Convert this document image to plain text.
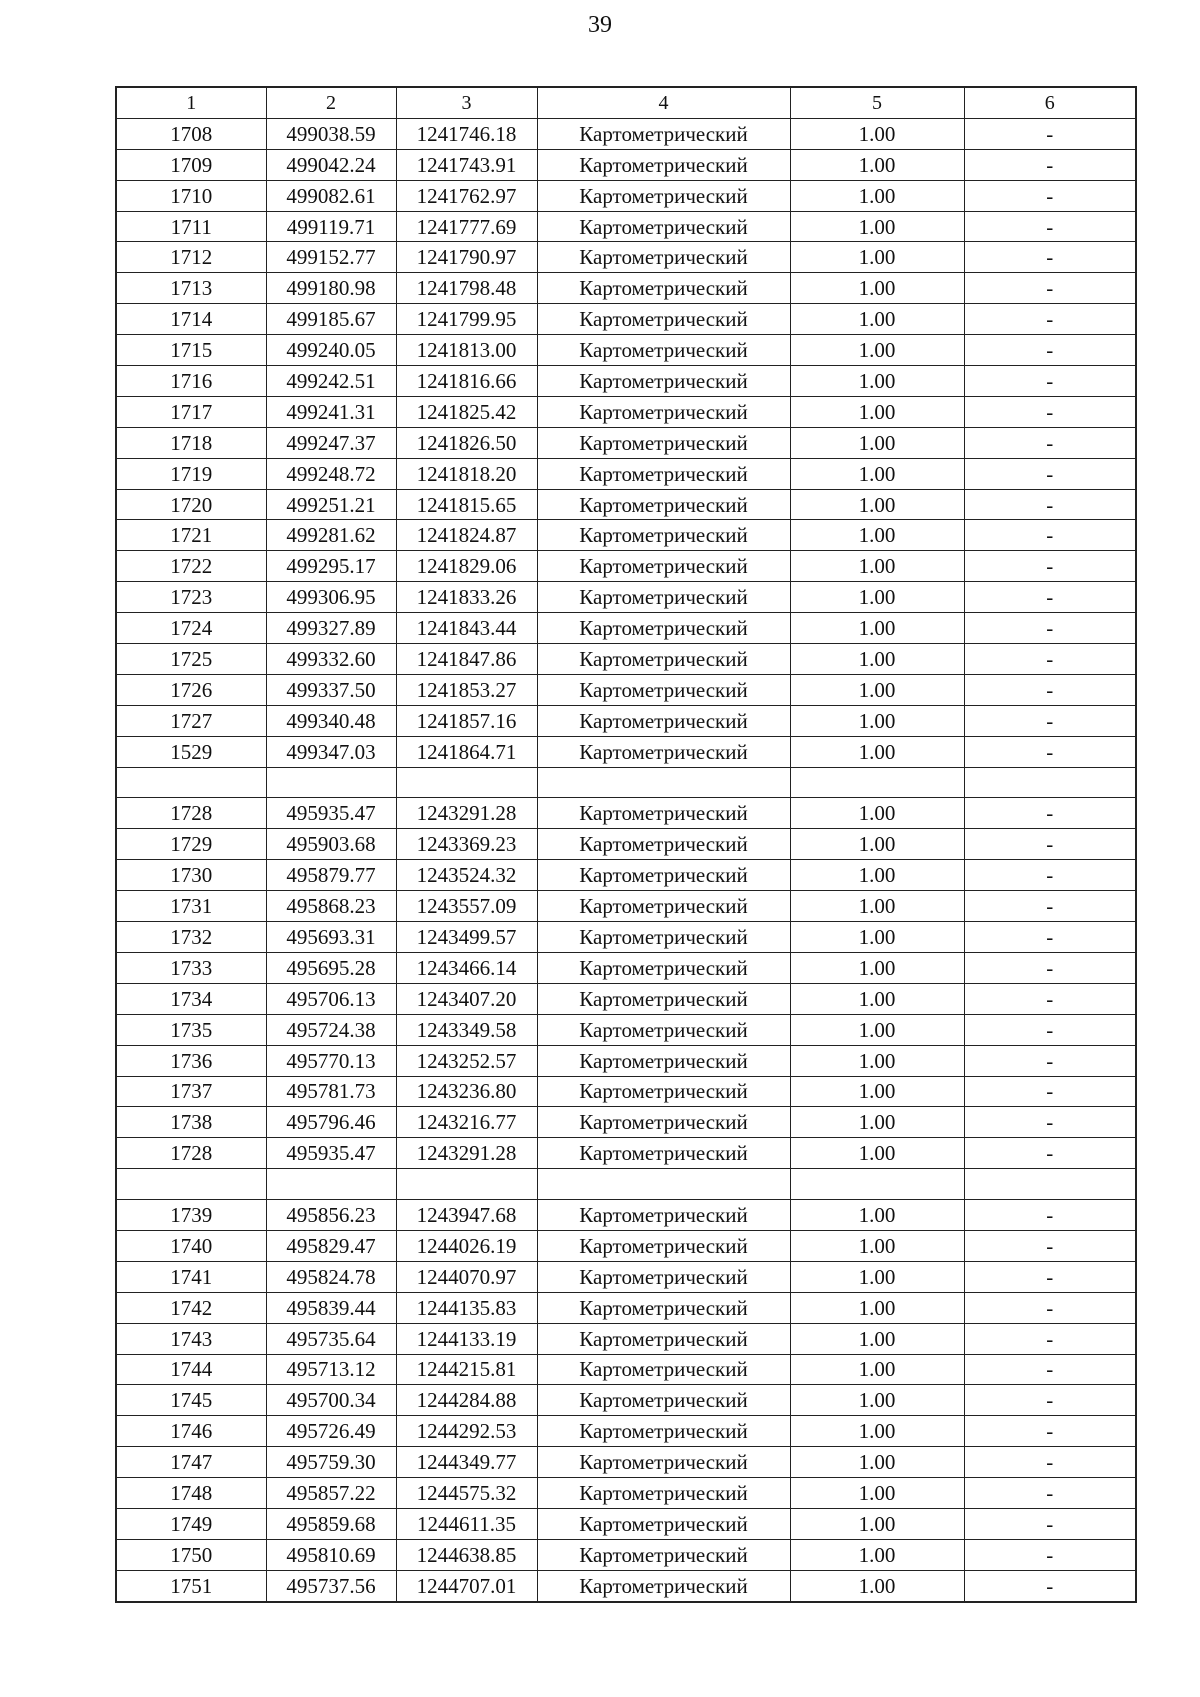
39
1	2	3	4	5	6
1708	499038.59	1241746.18	Картометрический	1.00	-
1709	499042.24	1241743.91	Картометрический	1.00	-
1710	499082.61	1241762.97	Картометрический	1.00	-
1711	499119.71	1241777.69	Картометрический	1.00	-
1712	499152.77	1241790.97	Картометрический	1.00	-
1713	499180.98	1241798.48	Картометрический	1.00	-
1714	499185.67	1241799.95	Картометрический	1.00	-
1715	499240.05	1241813.00	Картометрический	1.00	-
1716	499242.51	1241816.66	Картометрический	1.00	-
1717	499241.31	1241825.42	Картометрический	1.00	-
1718	499247.37	1241826.50	Картометрический	1.00	-
1719	499248.72	1241818.20	Картометрический	1.00	-
1720	499251.21	1241815.65	Картометрический	1.00	-
1721	499281.62	1241824.87	Картометрический	1.00	-
1722	499295.17	1241829.06	Картометрический	1.00	-
1723	499306.95	1241833.26	Картометрический	1.00	-
1724	499327.89	1241843.44	Картометрический	1.00	-
1725	499332.60	1241847.86	Картометрический	1.00	-
1726	499337.50	1241853.27	Картометрический	1.00	-
1727	499340.48	1241857.16	Картометрический	1.00	-
1529	499347.03	1241864.71	Картометрический	1.00	-

1728	495935.47	1243291.28	Картометрический	1.00	-
1729	495903.68	1243369.23	Картометрический	1.00	-
1730	495879.77	1243524.32	Картометрический	1.00	-
1731	495868.23	1243557.09	Картометрический	1.00	-
1732	495693.31	1243499.57	Картометрический	1.00	-
1733	495695.28	1243466.14	Картометрический	1.00	-
1734	495706.13	1243407.20	Картометрический	1.00	-
1735	495724.38	1243349.58	Картометрический	1.00	-
1736	495770.13	1243252.57	Картометрический	1.00	-
1737	495781.73	1243236.80	Картометрический	1.00	-
1738	495796.46	1243216.77	Картометрический	1.00	-
1728	495935.47	1243291.28	Картометрический	1.00	-

1739	495856.23	1243947.68	Картометрический	1.00	-
1740	495829.47	1244026.19	Картометрический	1.00	-
1741	495824.78	1244070.97	Картометрический	1.00	-
1742	495839.44	1244135.83	Картометрический	1.00	-
1743	495735.64	1244133.19	Картометрический	1.00	-
1744	495713.12	1244215.81	Картометрический	1.00	-
1745	495700.34	1244284.88	Картометрический	1.00	-
1746	495726.49	1244292.53	Картометрический	1.00	-
1747	495759.30	1244349.77	Картометрический	1.00	-
1748	495857.22	1244575.32	Картометрический	1.00	-
1749	495859.68	1244611.35	Картометрический	1.00	-
1750	495810.69	1244638.85	Картометрический	1.00	-
1751	495737.56	1244707.01	Картометрический	1.00	-
